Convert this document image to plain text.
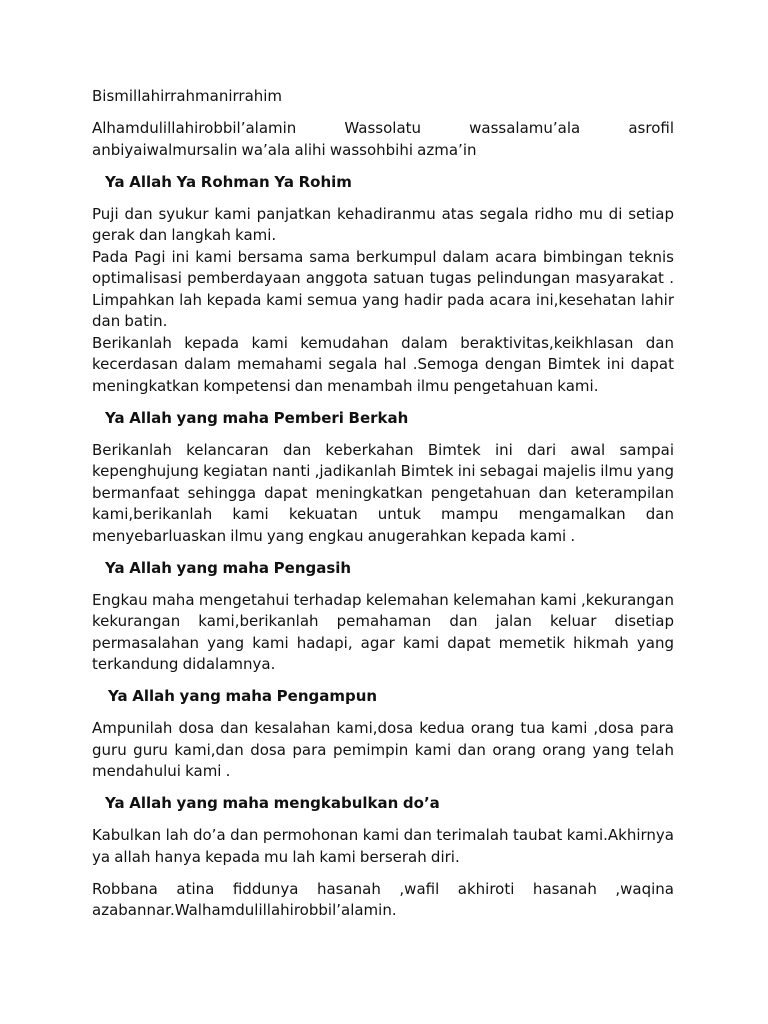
Bismillahirrahmanirrahim

Alhamdulillahirobbil’alamin Wassolatu wassalamu’ala asrofil
anbiyaiwalmursalin wa’ala alihi wassohbihi azma’in

Ya Allah Ya Rohman Ya Rohim

Puji dan syukur kami panjatkan kehadiranmu atas segala ridho mu di setiap gerak dan langkah kami.

Pada Pagi ini kami bersama sama berkumpul dalam acara bimbingan teknis optimalisasi pemberdayaan anggota satuan tugas pelindungan masyarakat . Limpahkan lah kepada kami semua yang hadir pada acara ini,kesehatan lahir dan batin.

Berikanlah kepada kami kemudahan dalam beraktivitas,keikhlasan dan kecerdasan dalam memahami segala hal .Semoga dengan Bimtek ini dapat meningkatkan kompetensi dan menambah ilmu pengetahuan kami.

Ya Allah yang maha Pemberi Berkah

Berikanlah kelancaran dan keberkahan Bimtek ini dari awal sampai kepenghujung kegiatan nanti ,jadikanlah Bimtek ini sebagai majelis ilmu yang bermanfaat sehingga dapat meningkatkan pengetahuan dan keterampilan kami,berikanlah kami kekuatan untuk mampu mengamalkan dan menyebarluaskan ilmu yang engkau anugerahkan kepada kami .

Ya Allah yang maha Pengasih

Engkau maha mengetahui terhadap kelemahan kelemahan kami ,kekurangan kekurangan kami,berikanlah pemahaman dan jalan keluar disetiap permasalahan yang kami hadapi, agar kami dapat memetik hikmah yang terkandung didalamnya.

Ya Allah yang maha Pengampun

Ampunilah dosa dan kesalahan kami,dosa kedua orang tua kami ,dosa para guru guru kami,dan dosa para pemimpin kami dan orang orang yang telah mendahului kami .

Ya Allah yang maha mengkabulkan do’a

Kabulkan lah do’a dan permohonan kami dan terimalah taubat kami.Akhirnya ya allah hanya kepada mu lah kami berserah diri.

Robbana atina fiddunya hasanah ,wafil akhiroti hasanah ,waqina azabannar.Walhamdulillahirobbil’alamin.
